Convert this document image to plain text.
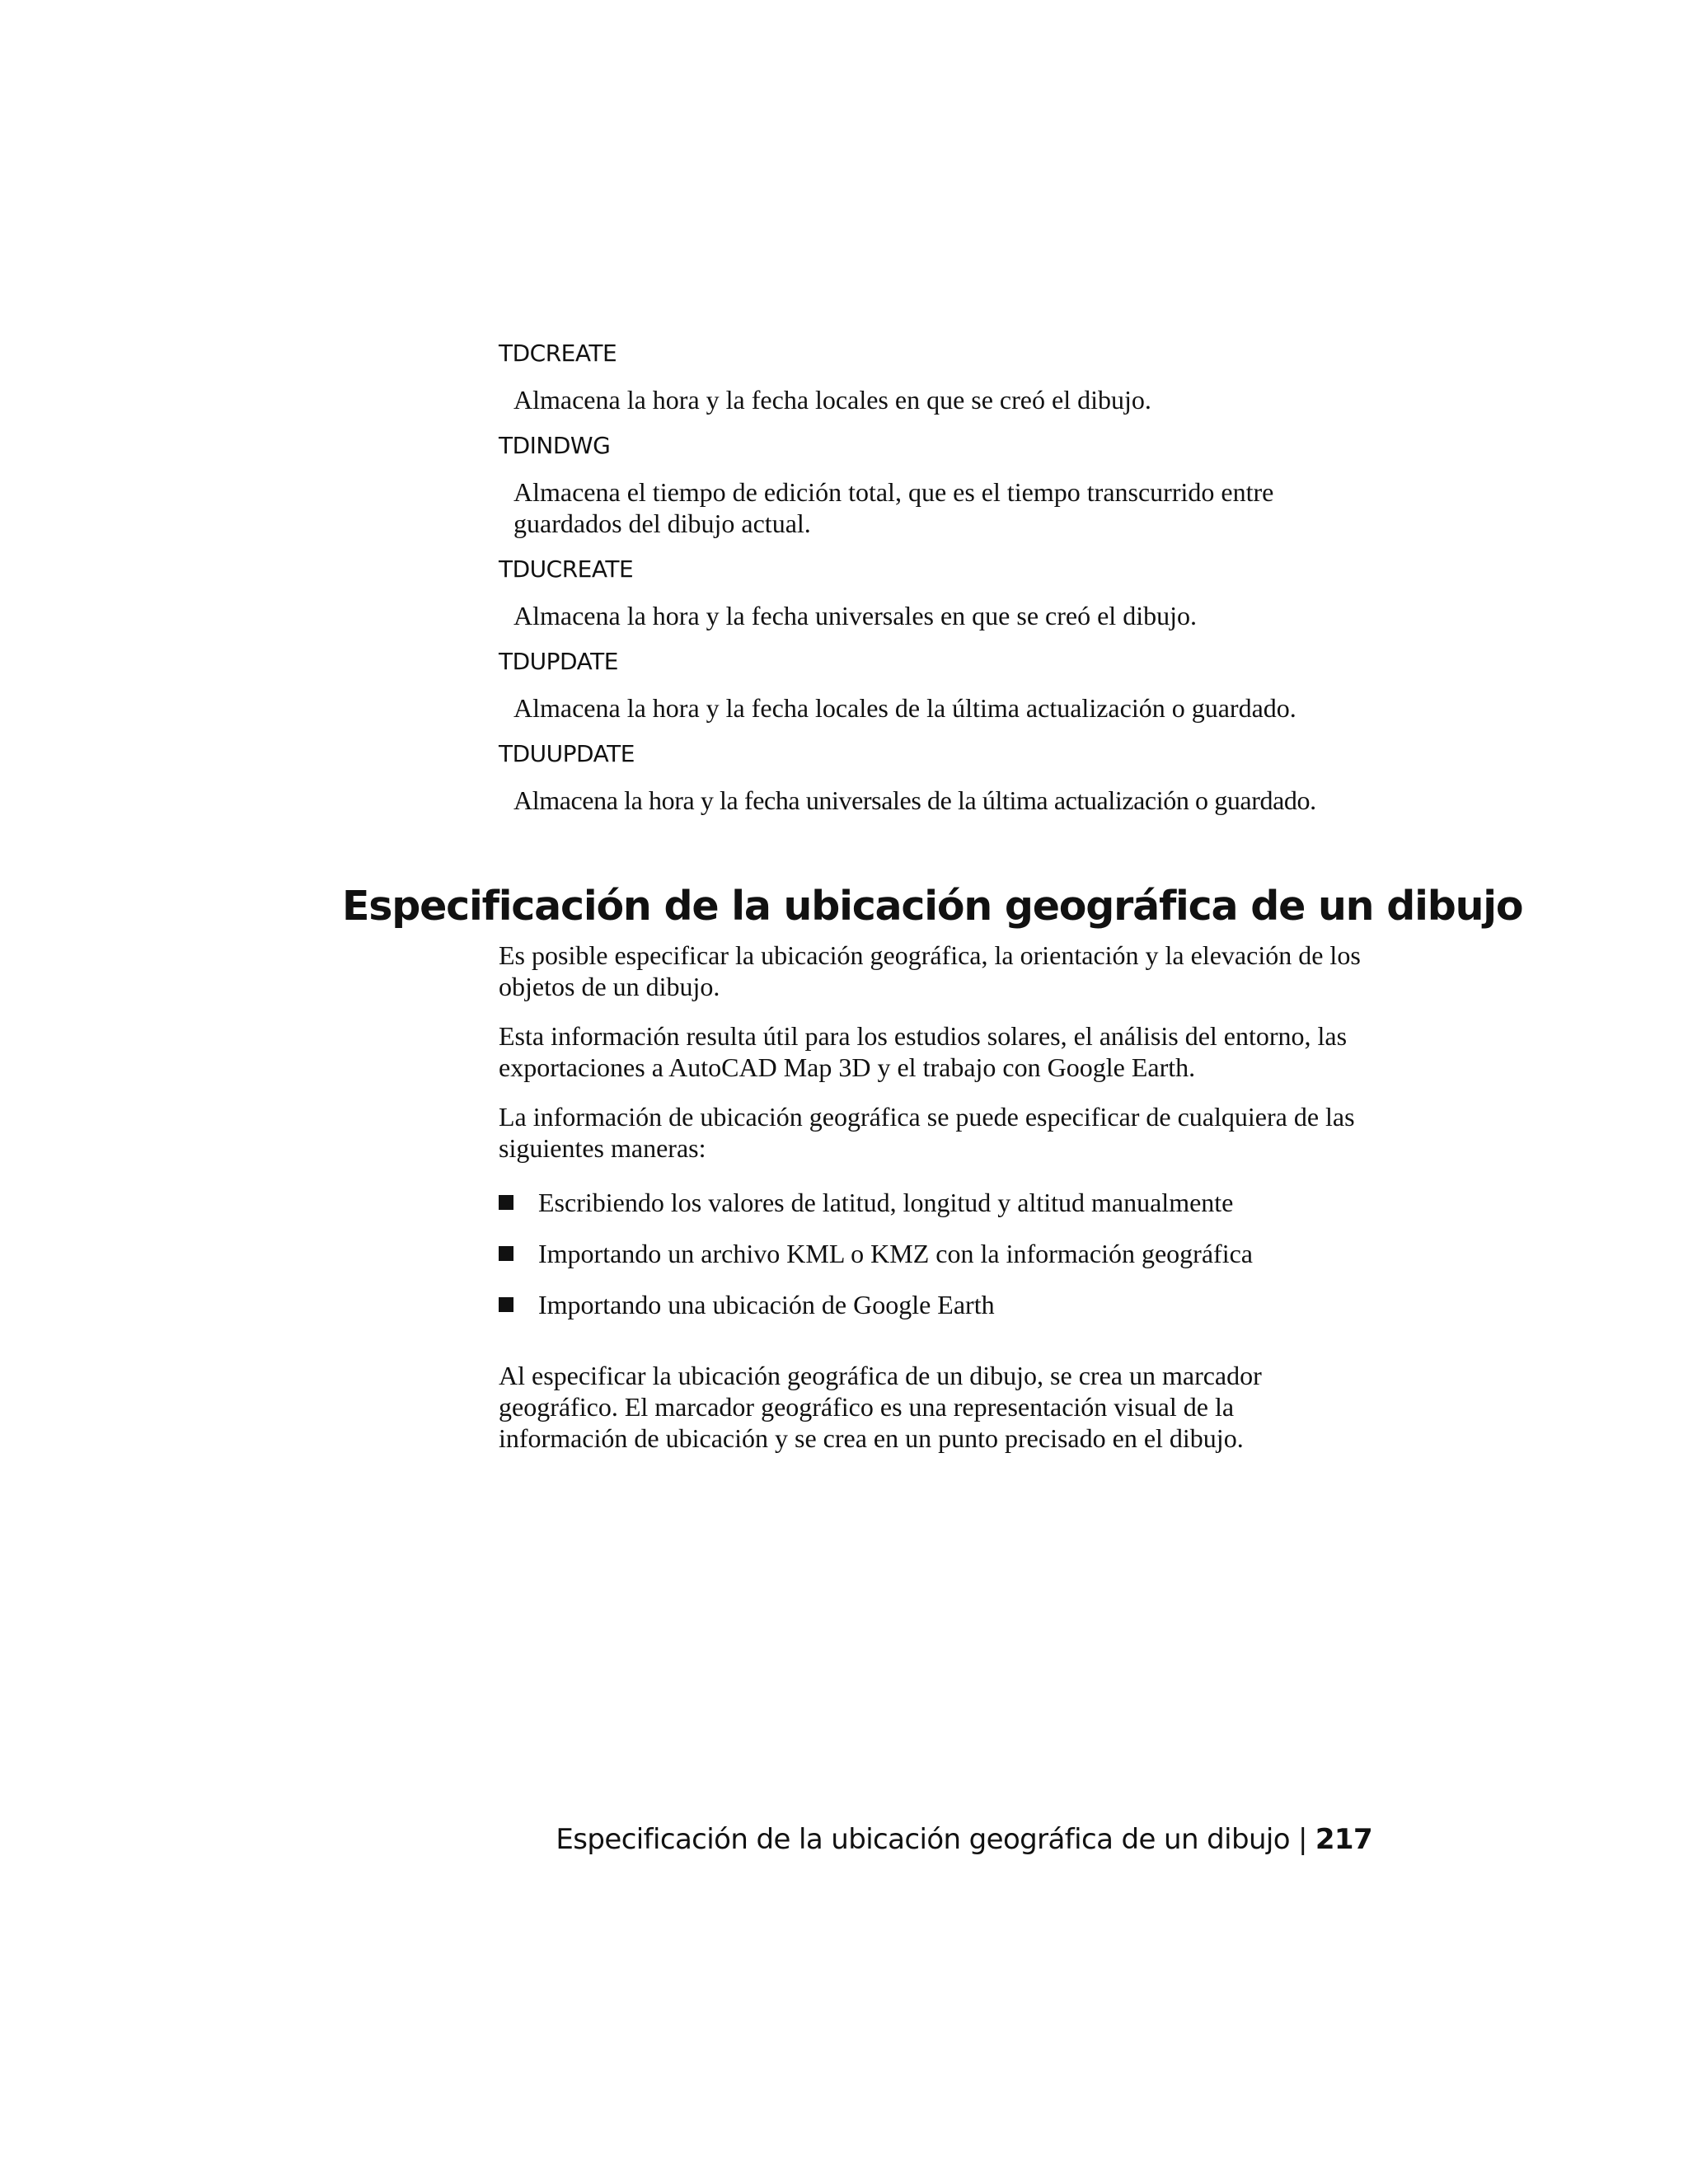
TDCREATE
Almacena la hora y la fecha locales en que se creó el dibujo.
TDINDWG
Almacena el tiempo de edición total, que es el tiempo transcurrido entre guardados del dibujo actual.
TDUCREATE
Almacena la hora y la fecha universales en que se creó el dibujo.
TDUPDATE
Almacena la hora y la fecha locales de la última actualización o guardado.
TDUUPDATE
Almacena la hora y la fecha universales de la última actualización o guardado.
Especificación de la ubicación geográfica de un dibujo

Es posible especificar la ubicación geográfica, la orientación y la elevación de los objetos de un dibujo.

Esta información resulta útil para los estudios solares, el análisis del entorno, las exportaciones a AutoCAD Map 3D y el trabajo con Google Earth.

La información de ubicación geográfica se puede especificar de cualquiera de las siguientes maneras:

Escribiendo los valores de latitud, longitud y altitud manualmente
Importando un archivo KML o KMZ con la información geográfica
Importando una ubicación de Google Earth

Al especificar la ubicación geográfica de un dibujo, se crea un marcador geográfico. El marcador geográfico es una representación visual de la información de ubicación y se crea en un punto precisado en el dibujo.

Especificación de la ubicación geográfica de un dibujo | 217
